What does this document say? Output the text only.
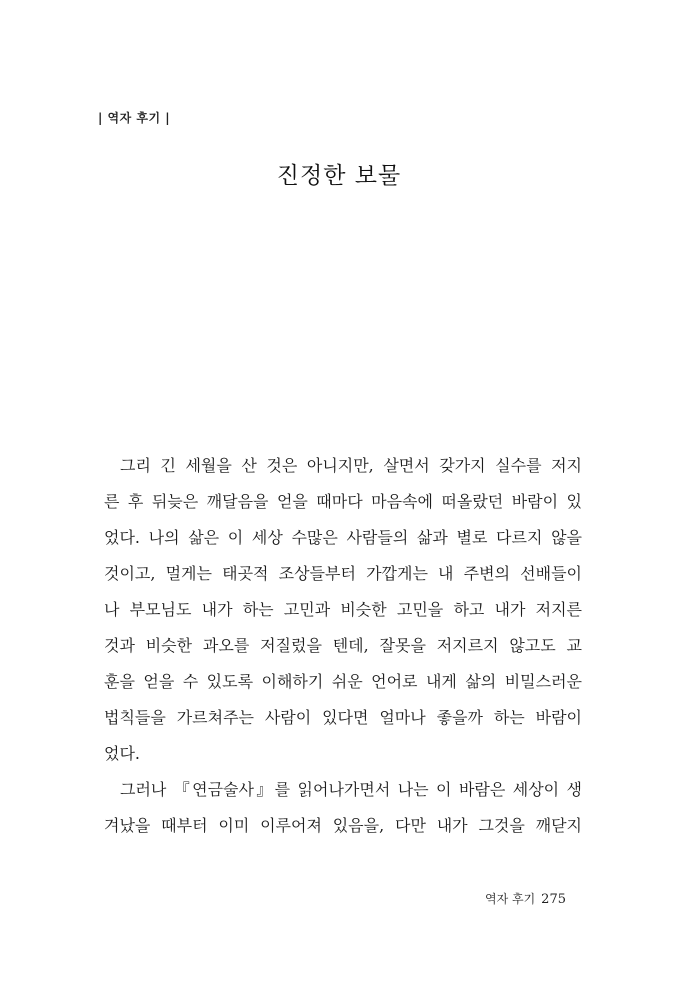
| 역자 후기 |
진정한 보물
그리 긴 세월을 산 것은 아니지만, 살면서 갖가지 실수를 저지
른 후 뒤늦은 깨달음을 얻을 때마다 마음속에 떠올랐던 바람이 있
었다. 나의 삶은 이 세상 수많은 사람들의 삶과 별로 다르지 않을
것이고, 멀게는 태곳적 조상들부터 가깝게는 내 주변의 선배들이
나 부모님도 내가 하는 고민과 비슷한 고민을 하고 내가 저지른
것과 비슷한 과오를 저질렀을 텐데, 잘못을 저지르지 않고도 교
훈을 얻을 수 있도록 이해하기 쉬운 언어로 내게 삶의 비밀스러운
법칙들을 가르쳐주는 사람이 있다면 얼마나 좋을까 하는 바람이
었다.
그러나 『연금술사』를 읽어나가면서 나는 이 바람은 세상이 생
겨났을 때부터 이미 이루어져 있음을, 다만 내가 그것을 깨닫지
역자 후기 275
